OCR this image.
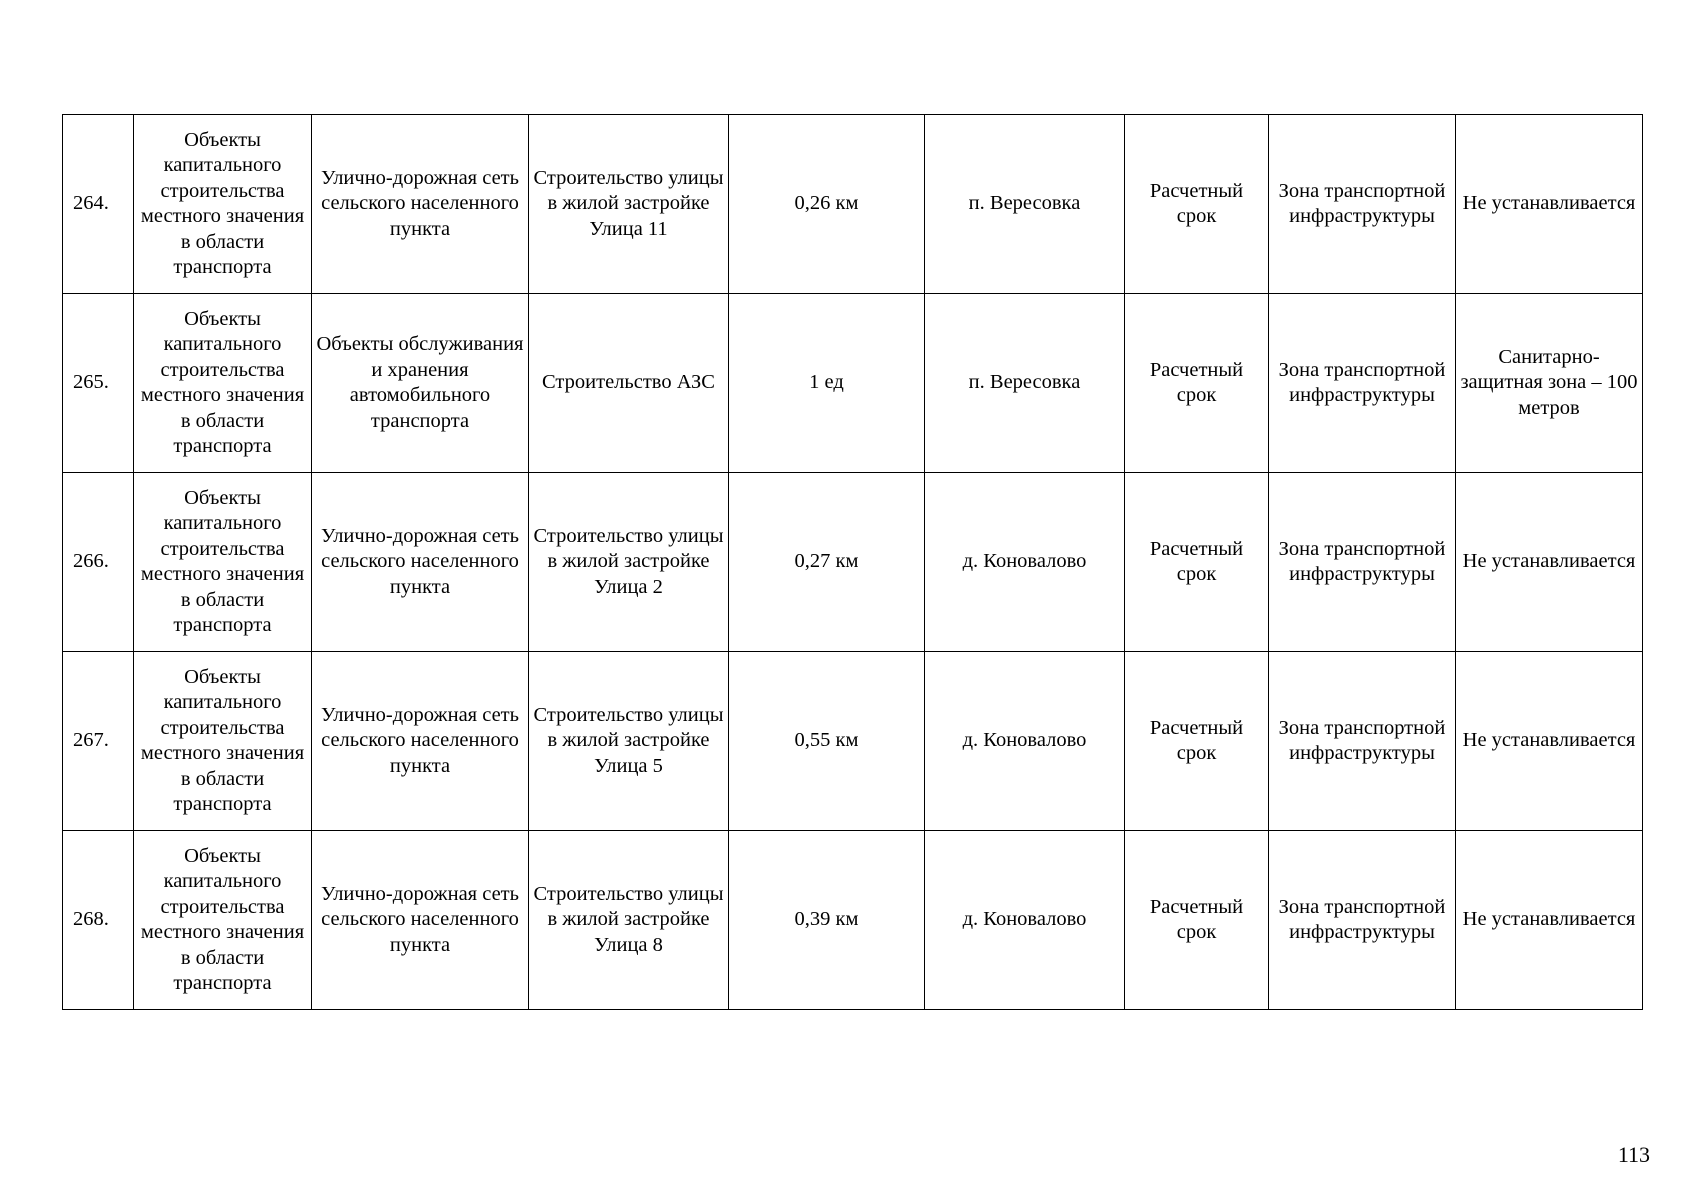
264.	Объекты капитального строительства местного значения в области транспорта	Улично-дорожная сеть сельского населенного пункта	Строительство улицы в жилой застройке Улица 11	0,26 км	п. Вересовка	Расчетный срок	Зона транспортной инфраструктуры	Не устанавливается
265.	Объекты капитального строительства местного значения в области транспорта	Объекты обслуживания и хранения автомобильного транспорта	Строительство АЗС	1 ед	п. Вересовка	Расчетный срок	Зона транспортной инфраструктуры	Санитарно-защитная зона – 100 метров
266.	Объекты капитального строительства местного значения в области транспорта	Улично-дорожная сеть сельского населенного пункта	Строительство улицы в жилой застройке Улица 2	0,27 км	д. Коновалово	Расчетный срок	Зона транспортной инфраструктуры	Не устанавливается
267.	Объекты капитального строительства местного значения в области транспорта	Улично-дорожная сеть сельского населенного пункта	Строительство улицы в жилой застройке Улица 5	0,55 км	д. Коновалово	Расчетный срок	Зона транспортной инфраструктуры	Не устанавливается
268.	Объекты капитального строительства местного значения в области транспорта	Улично-дорожная сеть сельского населенного пункта	Строительство улицы в жилой застройке Улица 8	0,39 км	д. Коновалово	Расчетный срок	Зона транспортной инфраструктуры	Не устанавливается
113
